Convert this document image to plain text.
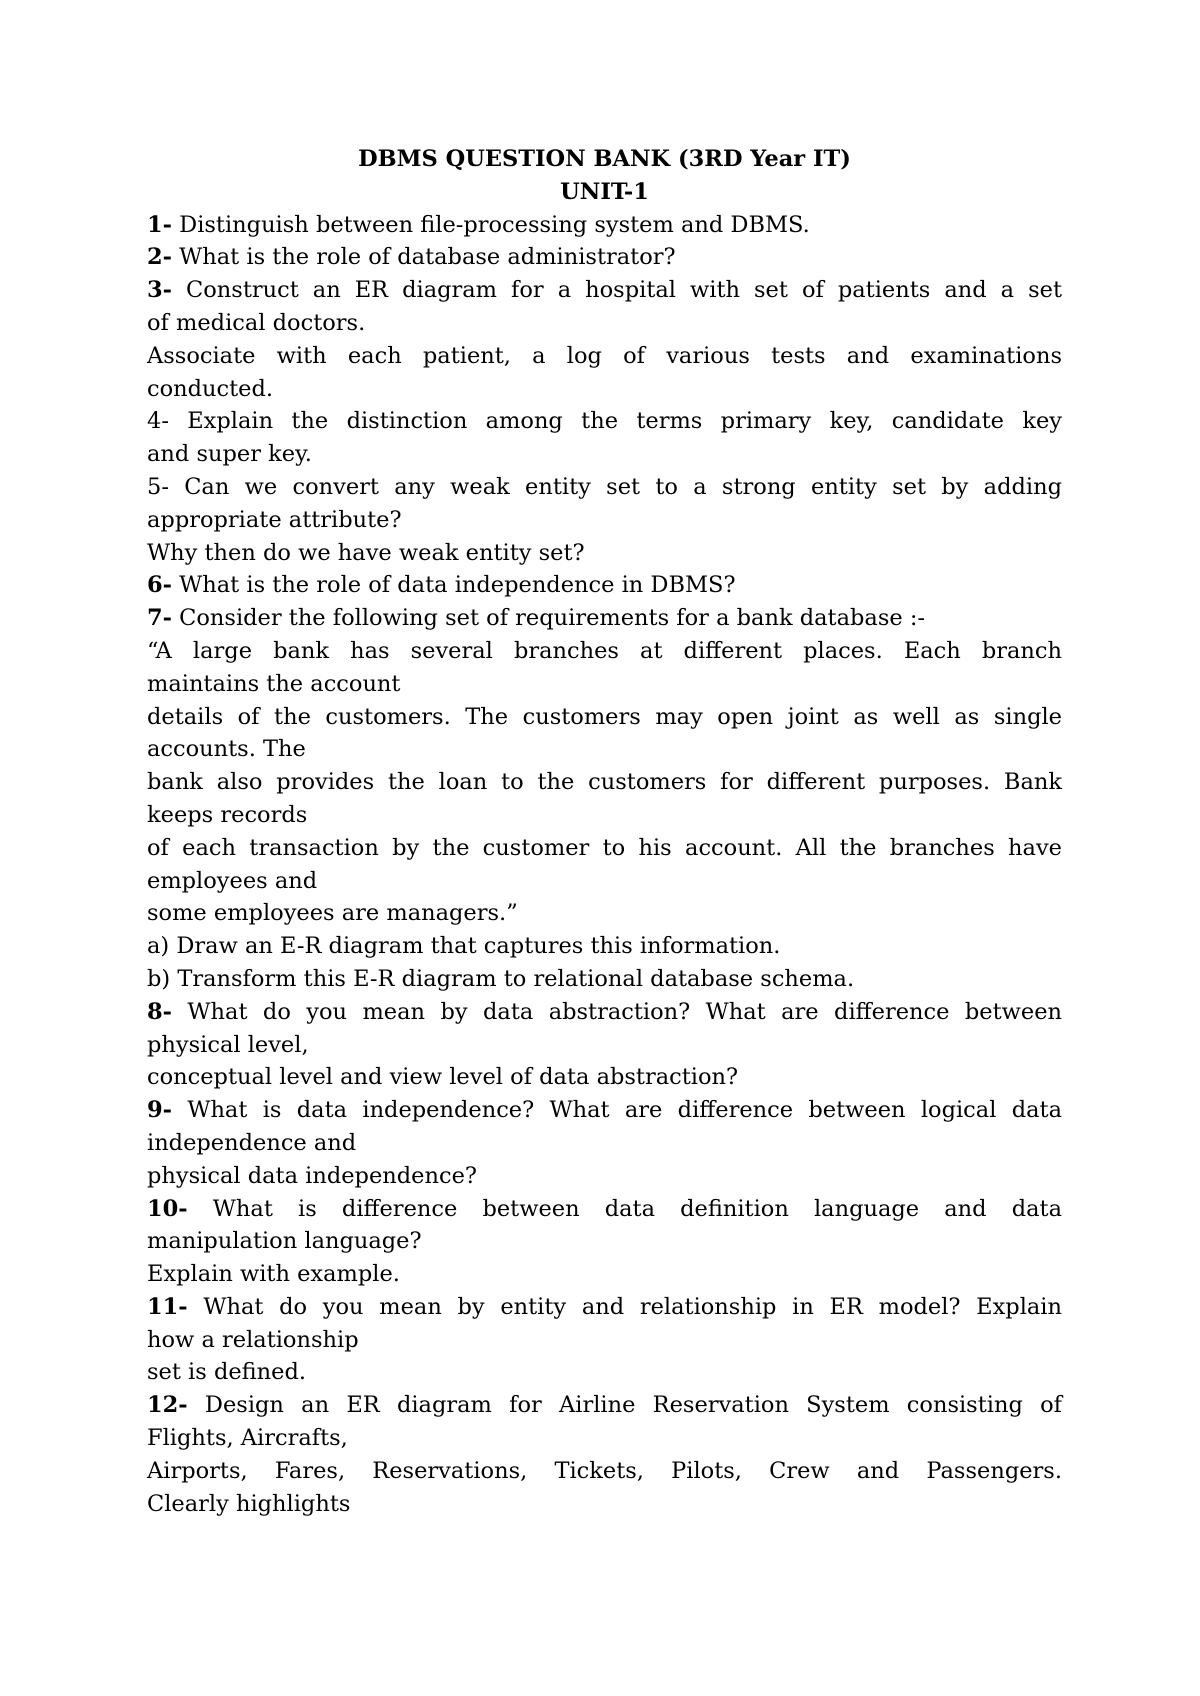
DBMS QUESTION BANK (3RD Year IT)
UNIT-1
1- Distinguish between file-processing system and DBMS.
2- What is the role of database administrator?
3- Construct an ER diagram for a hospital with set of patients and a set
of medical doctors.
Associate with each patient, a log of various tests and examinations
conducted.
4- Explain the distinction among the terms primary key, candidate key
and super key.
5- Can we convert any weak entity set to a strong entity set by adding
appropriate attribute?
Why then do we have weak entity set?
6- What is the role of data independence in DBMS?
7- Consider the following set of requirements for a bank database :-
“A large bank has several branches at different places. Each branch
maintains the account
details of the customers. The customers may open joint as well as single
accounts. The
bank also provides the loan to the customers for different purposes. Bank
keeps records
of each transaction by the customer to his account. All the branches have
employees and
some employees are managers.”
a) Draw an E-R diagram that captures this information.
b) Transform this E-R diagram to relational database schema.
8- What do you mean by data abstraction? What are difference between
physical level,
conceptual level and view level of data abstraction?
9- What is data independence? What are difference between logical data
independence and
physical data independence?
10- What is difference between data definition language and data
manipulation language?
Explain with example.
11- What do you mean by entity and relationship in ER model? Explain
how a relationship
set is defined.
12- Design an ER diagram for Airline Reservation System consisting of
Flights, Aircrafts,
Airports, Fares, Reservations, Tickets, Pilots, Crew and Passengers.
Clearly highlights
